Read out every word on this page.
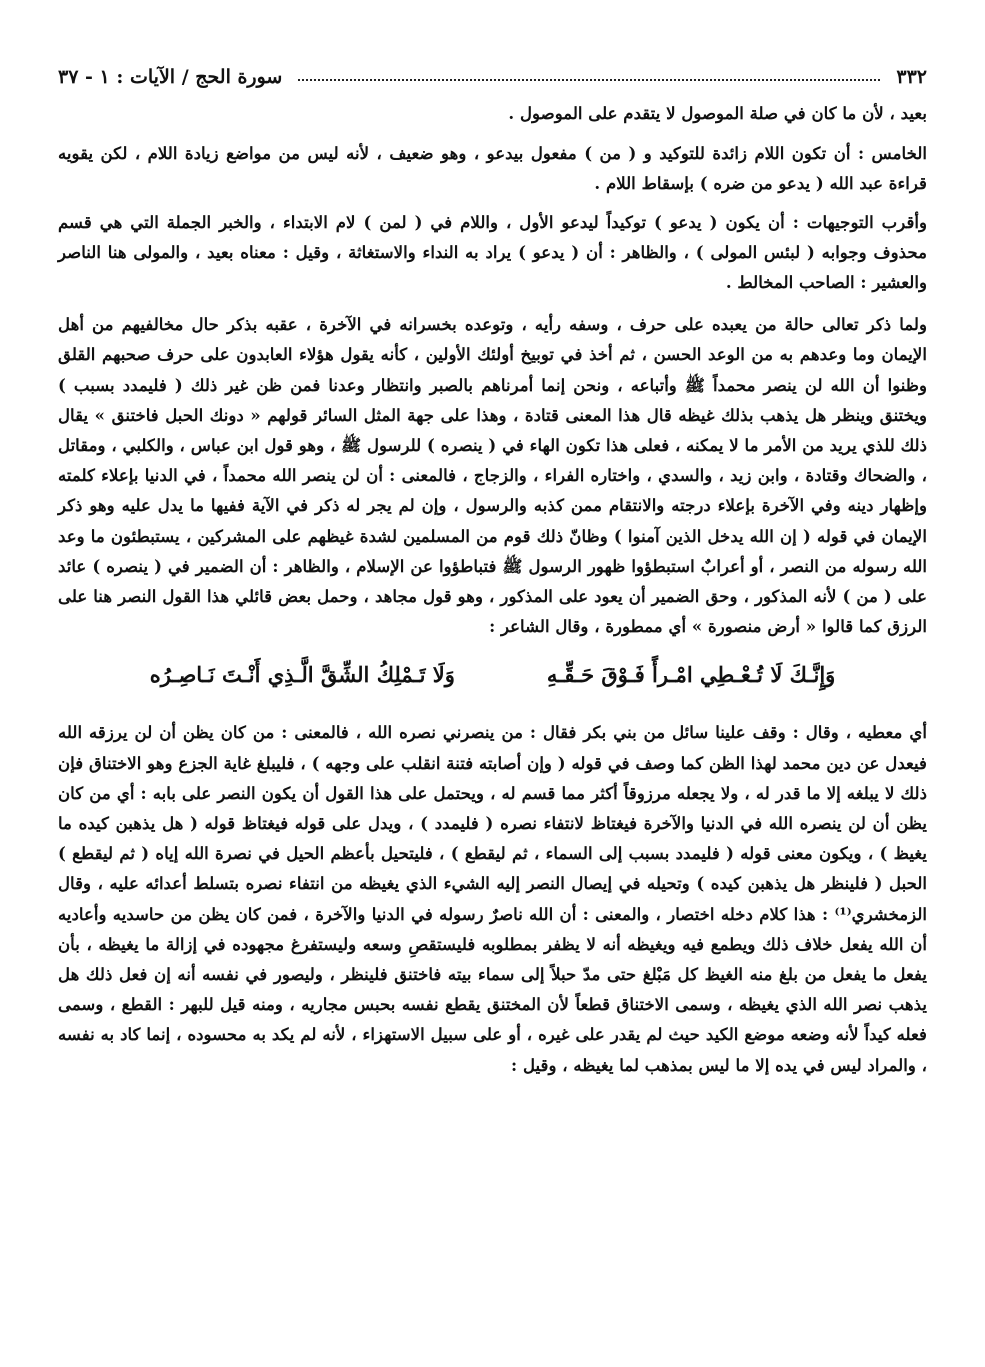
٣٣٢
سورة الحج / الآيات : ١ - ٣٧

بعيد ، لأن ما كان في صلة الموصول لا يتقدم على الموصول .

الخامس : أن تكون اللام زائدة للتوكيد و ( من ) مفعول بيدعو ، وهو ضعيف ، لأنه ليس من مواضع زيادة اللام ، لكن يقويه قراءة عبد الله ( يدعو من ضره ) بإسقاط اللام .

وأقرب التوجيهات : أن يكون ( يدعو ) توكيداً ليدعو الأول ، واللام في ( لمن ) لام الابتداء ، والخبر الجملة التي هي قسم محذوف وجوابه ( لبئس المولى ) ، والظاهر : أن ( يدعو ) يراد به النداء والاستغاثة ، وقيل : معناه بعيد ، والمولى هنا الناصر والعشير : الصاحب المخالط .

ولما ذكر تعالى حالة من يعبده على حرف ، وسفه رأيه ، وتوعده بخسرانه في الآخرة ، عقبه بذكر حال مخالفيهم من أهل الإيمان وما وعدهم به من الوعد الحسن ، ثم أخذ في توبيخ أولئك الأولين ، كأنه يقول هؤلاء العابدون على حرف صحبهم القلق وظنوا أن الله لن ينصر محمداً ﷺ وأتباعه ، ونحن إنما أمرناهم بالصبر وانتظار وعدنا فمن ظن غير ذلك ( فليمدد بسبب ) ويختنق وينظر هل يذهب بذلك غيظه قال هذا المعنى قتادة ، وهذا على جهة المثل السائر قولهم « دونك الحبل فاختنق » يقال ذلك للذي يريد من الأمر ما لا يمكنه ، فعلى هذا تكون الهاء في ( ينصره ) للرسول ﷺ ، وهو قول ابن عباس ، والكلبي ، ومقاتل ، والضحاك وقتادة ، وابن زيد ، والسدي ، واختاره الفراء ، والزجاج ، فالمعنى : أن لن ينصر الله محمداً ، في الدنيا بإعلاء كلمته وإظهار دينه وفي الآخرة بإعلاء درجته والانتقام ممن كذبه والرسول ، وإن لم يجر له ذكر في الآية ففيها ما يدل عليه وهو ذكر الإيمان في قوله ( إن الله يدخل الذين آمنوا ) وظانّ ذلك قوم من المسلمين لشدة غيظهم على المشركين ، يستبطئون ما وعد الله رسوله من النصر ، أو أعرابٌ استبطؤوا ظهور الرسول ﷺ فتباطؤوا عن الإسلام ، والظاهر : أن الضمير في ( ينصره ) عائد على ( من ) لأنه المذكور ، وحق الضمير أن يعود على المذكور ، وهو قول مجاهد ، وحمل بعض قائلي هذا القول النصر هنا على الرزق كما قالوا « أرض منصورة » أي ممطورة ، وقال الشاعر :

وَإِنَّـكَ لَا تُـعْـطِي امْـرأً فَـوْقَ حَـقِّـهِ
وَلَا تَـمْلِكُ الشِّقَّ الَّـذِي أَنْـتَ نَـاصِـرُه

أي معطيه ، وقال : وقف علينا سائل من بني بكر فقال : من ينصرني نصره الله ، فالمعنى : من كان يظن أن لن يرزقه الله فيعدل عن دين محمد لهذا الظن كما وصف في قوله ( وإن أصابته فتنة انقلب على وجهه ) ، فليبلغ غاية الجزع وهو الاختناق فإن ذلك لا يبلغه إلا ما قدر له ، ولا يجعله مرزوقاً أكثر مما قسم له ، ويحتمل على هذا القول أن يكون النصر على بابه : أي من كان يظن أن لن ينصره الله في الدنيا والآخرة فيغتاظ لانتفاء نصره ( فليمدد ) ، ويدل على قوله فيغتاظ قوله ( هل يذهبن كيده ما يغيظ ) ، ويكون معنى قوله ( فليمدد بسبب إلى السماء ، ثم ليقطع ) ، فليتحيل بأعظم الحيل في نصرة الله إياه ( ثم ليقطع ) الحبل ( فلينظر هل يذهبن كيده ) وتحيله في إيصال النصر إليه الشيء الذي يغيظه من انتفاء نصره بتسلط أعدائه عليه ، وقال الزمخشري⁽¹⁾ : هذا كلام دخله اختصار ، والمعنى : أن الله ناصرٌ رسوله في الدنيا والآخرة ، فمن كان يظن من حاسديه وأعاديه أن الله يفعل خلاف ذلك ويطمع فيه ويغيظه أنه لا يظفر بمطلوبه فليستقصِ وسعه وليستفرغ مجهوده في إزالة ما يغيظه ، بأن يفعل ما يفعل من بلغ منه الغيظ كل مَبْلغ حتى مدّ حبلاً إلى سماء بيته فاختنق فلينظر ، وليصور في نفسه أنه إن فعل ذلك هل يذهب نصر الله الذي يغيظه ، وسمى الاختناق قطعاً لأن المختنق يقطع نفسه بحبس مجاريه ، ومنه قيل للبهر : القطع ، وسمى فعله كيداً لأنه وضعه موضع الكيد حيث لم يقدر على غيره ، أو على سبيل الاستهزاء ، لأنه لم يكد به محسوده ، إنما كاد به نفسه ، والمراد ليس في يده إلا ما ليس بمذهب لما يغيظه ، وقيل :
